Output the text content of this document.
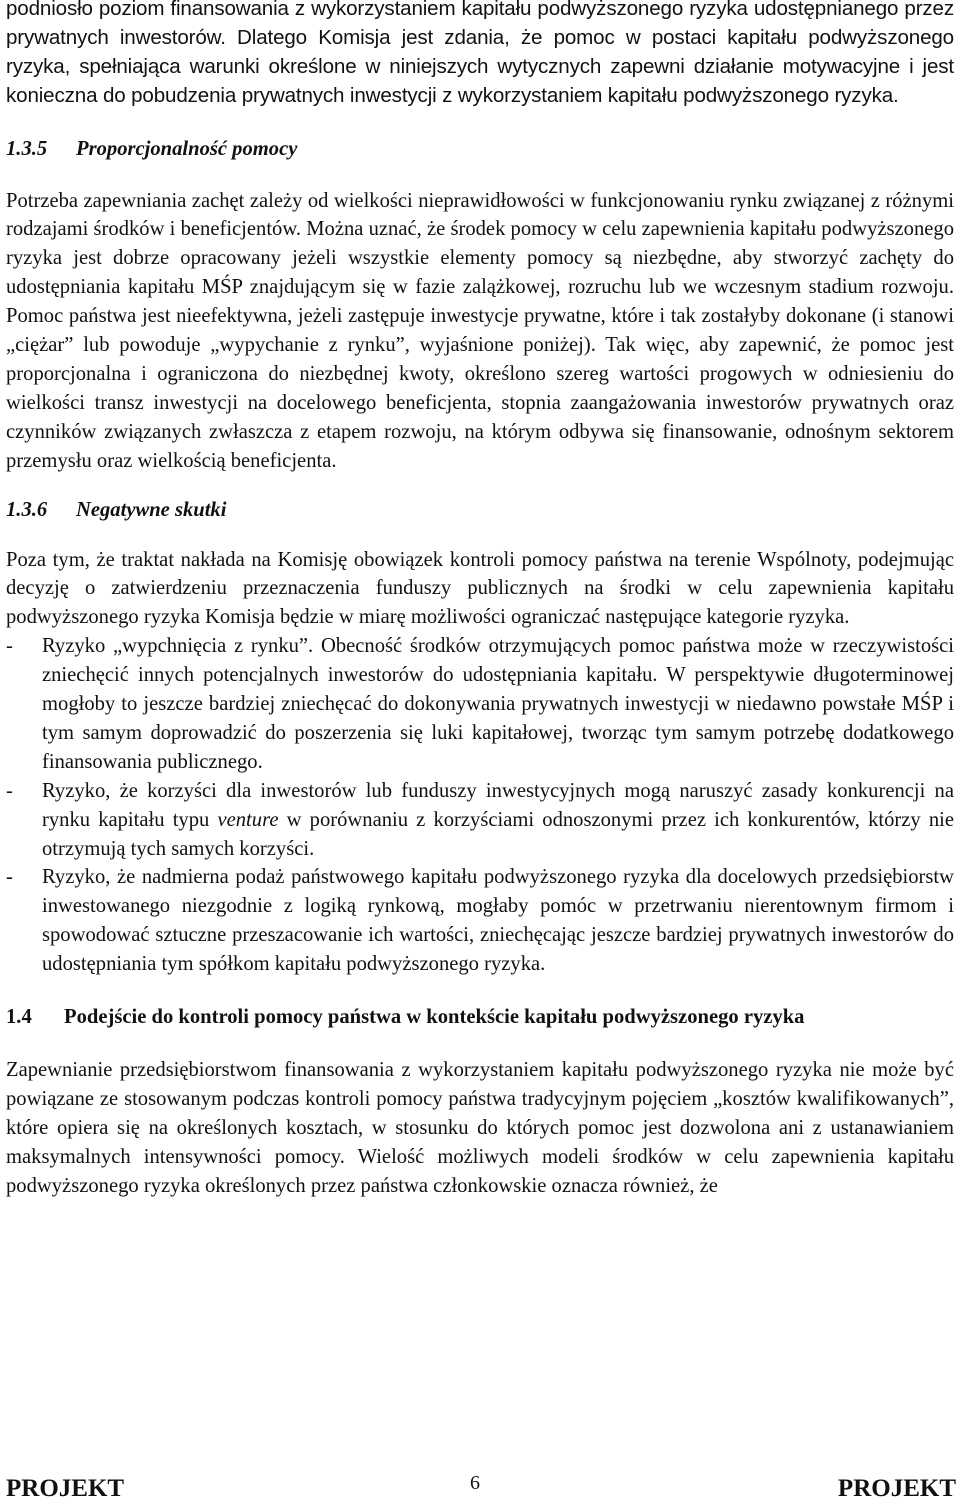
podniosło poziom finansowania z wykorzystaniem kapitału podwyższonego ryzyka udostępnianego przez prywatnych inwestorów. Dlatego Komisja jest zdania, że pomoc w postaci kapitału podwyższonego ryzyka, spełniająca warunki określone w niniejszych wytycznych zapewni działanie motywacyjne i jest konieczna do pobudzenia prywatnych inwestycji z wykorzystaniem kapitału podwyższonego ryzyka.

1.3.5	Proporcjonalność pomocy

Potrzeba zapewniania zachęt zależy od wielkości nieprawidłowości w funkcjonowaniu rynku związanej z różnymi rodzajami środków i beneficjentów. Można uznać, że środek pomocy w celu zapewnienia kapitału podwyższonego ryzyka jest dobrze opracowany jeżeli wszystkie elementy pomocy są niezbędne, aby stworzyć zachęty do udostępniania kapitału MŚP znajdującym się w fazie zalążkowej, rozruchu lub we wczesnym stadium rozwoju. Pomoc państwa jest nieefektywna, jeżeli zastępuje inwestycje prywatne, które i tak zostałyby dokonane (i stanowi „ciężar” lub powoduje „wypychanie z rynku”, wyjaśnione poniżej). Tak więc, aby zapewnić, że pomoc jest proporcjonalna i ograniczona do niezbędnej kwoty, określono szereg wartości progowych w odniesieniu do wielkości transz inwestycji na docelowego beneficjenta, stopnia zaangażowania inwestorów prywatnych oraz czynników związanych zwłaszcza z etapem rozwoju, na którym odbywa się finansowanie, odnośnym sektorem przemysłu oraz wielkością beneficjenta.

1.3.6	Negatywne skutki

Poza tym, że traktat nakłada na Komisję obowiązek kontroli pomocy państwa na terenie Wspólnoty, podejmując decyzję o zatwierdzeniu przeznaczenia funduszy publicznych na środki w celu zapewnienia kapitału podwyższonego ryzyka Komisja będzie w miarę możliwości ograniczać następujące kategorie ryzyka.

-	Ryzyko „wypchnięcia z rynku”. Obecność środków otrzymujących pomoc państwa może w rzeczywistości zniechęcić innych potencjalnych inwestorów do udostępniania kapitału. W perspektywie długoterminowej mogłoby to jeszcze bardziej zniechęcać do dokonywania prywatnych inwestycji w niedawno powstałe MŚP i tym samym doprowadzić do poszerzenia się luki kapitałowej, tworząc tym samym potrzebę dodatkowego finansowania publicznego.
-	Ryzyko, że korzyści dla inwestorów lub funduszy inwestycyjnych mogą naruszyć zasady konkurencji na rynku kapitału typu venture w porównaniu z korzyściami odnoszonymi przez ich konkurentów, którzy nie otrzymują tych samych korzyści.
-	Ryzyko, że nadmierna podaż państwowego kapitału podwyższonego ryzyka dla docelowych przedsiębiorstw inwestowanego niezgodnie z logiką rynkową, mogłaby pomóc w przetrwaniu nierentownym firmom i spowodować sztuczne przeszacowanie ich wartości, zniechęcając jeszcze bardziej prywatnych inwestorów do udostępniania tym spółkom kapitału podwyższonego ryzyka.
1.4	Podejście do kontroli pomocy państwa w kontekście kapitału podwyższonego ryzyka

Zapewnianie przedsiębiorstwom finansowania z wykorzystaniem kapitału podwyższonego ryzyka nie może być powiązane ze stosowanym podczas kontroli pomocy państwa tradycyjnym pojęciem „kosztów kwalifikowanych”, które opiera się na określonych kosztach, w stosunku do których pomoc jest dozwolona ani z ustanawianiem maksymalnych intensywności pomocy. Wielość możliwych modeli środków w celu zapewnienia kapitału podwyższonego ryzyka określonych przez państwa członkowskie oznacza również, że

PROJEKT	6	PROJEKT
